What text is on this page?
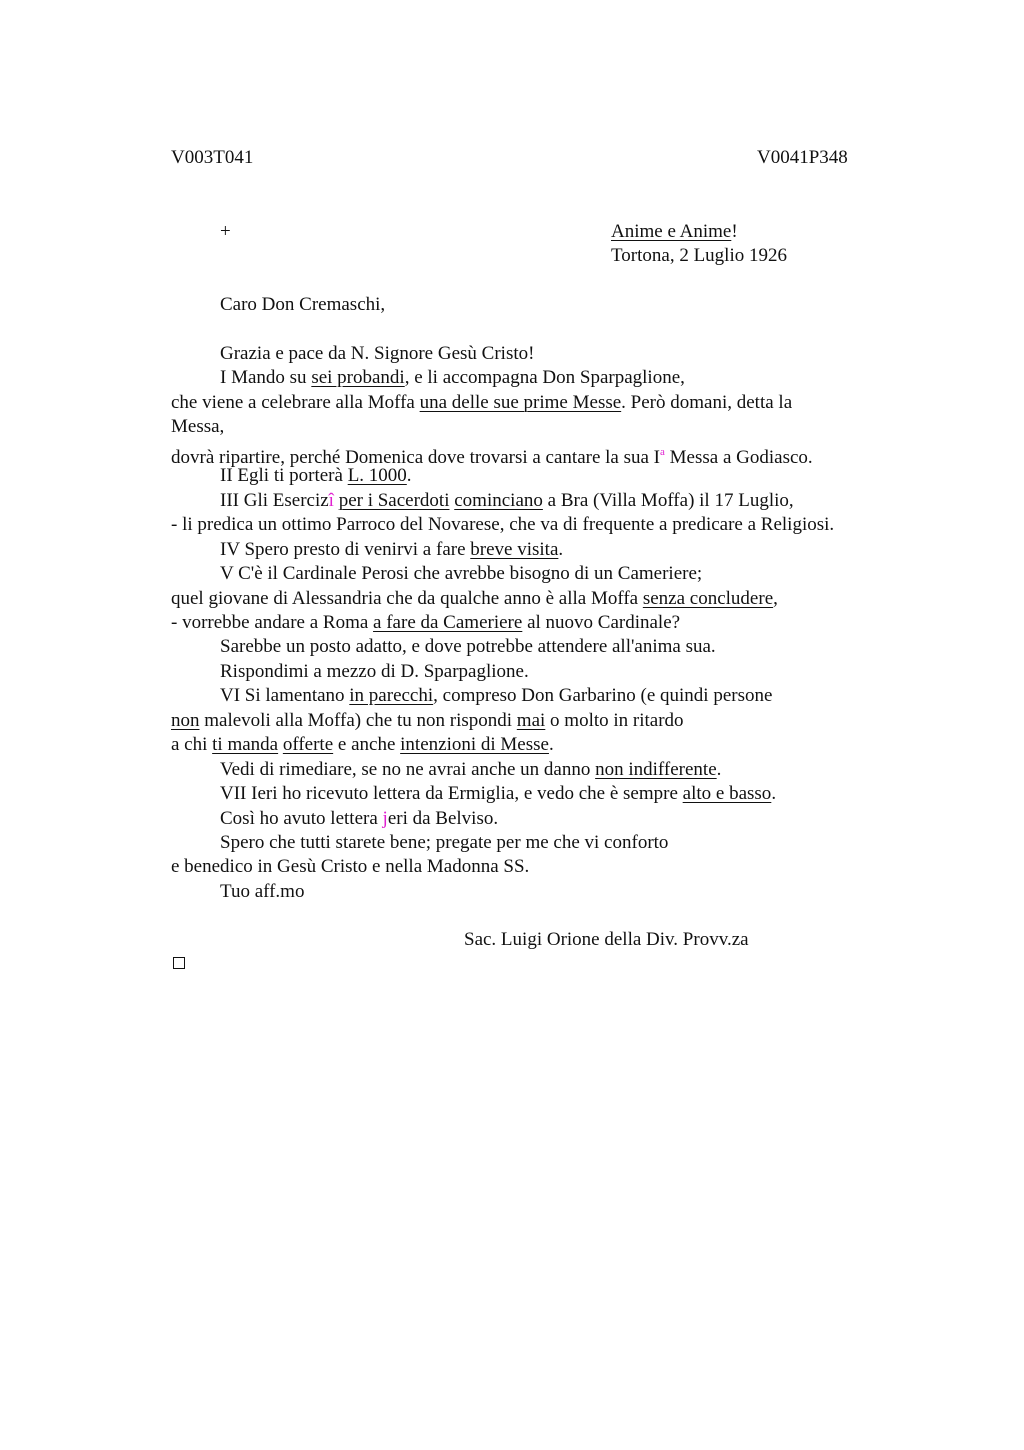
V003T041	V0041P348
+	Anime e Anime!
Tortona, 2 Luglio 1926
Caro Don Cremaschi,
Grazia e pace da N. Signore Gesù Cristo!
I Mando su sei probandi, e li accompagna Don Sparpaglione,
che viene a celebrare alla Moffa una delle sue prime Messe. Però domani, detta la
Messa,
dovrà ripartire, perché Domenica dove trovarsi a cantare la sua $I^a$ Messa a Godiasco.
II Egli ti porterà L. 1000.
III Gli Esercizî per i Sacerdoti cominciano a Bra (Villa Moffa) il 17 Luglio,
- li predica un ottimo Parroco del Novarese, che va di frequente a predicare a Religiosi.
IV Spero presto di venirvi a fare breve visita.
V C'è il Cardinale Perosi che avrebbe bisogno di un Cameriere;
quel giovane di Alessandria che da qualche anno è alla Moffa senza concludere,
- vorrebbe andare a Roma a fare da Cameriere al nuovo Cardinale?
Sarebbe un posto adatto, e dove potrebbe attendere all'anima sua.
Rispondimi a mezzo di D. Sparpaglione.
VI Si lamentano in parecchi, compreso Don Garbarino (e quindi persone
non malevoli alla Moffa) che tu non rispondi mai o molto in ritardo
a chi ti manda offerte e anche intenzioni di Messe.
Vedi di rimediare, se no ne avrai anche un danno non indifferente.
VII Ieri ho ricevuto lettera da Ermiglia, e vedo che è sempre alto e basso.
Così ho avuto lettera jeri da Belviso.
Spero che tutti starete bene; pregate per me che vi conforto
e benedico in Gesù Cristo e nella Madonna SS.
Tuo aff.mo
Sac. Luigi Orione della Div. Provv.za
